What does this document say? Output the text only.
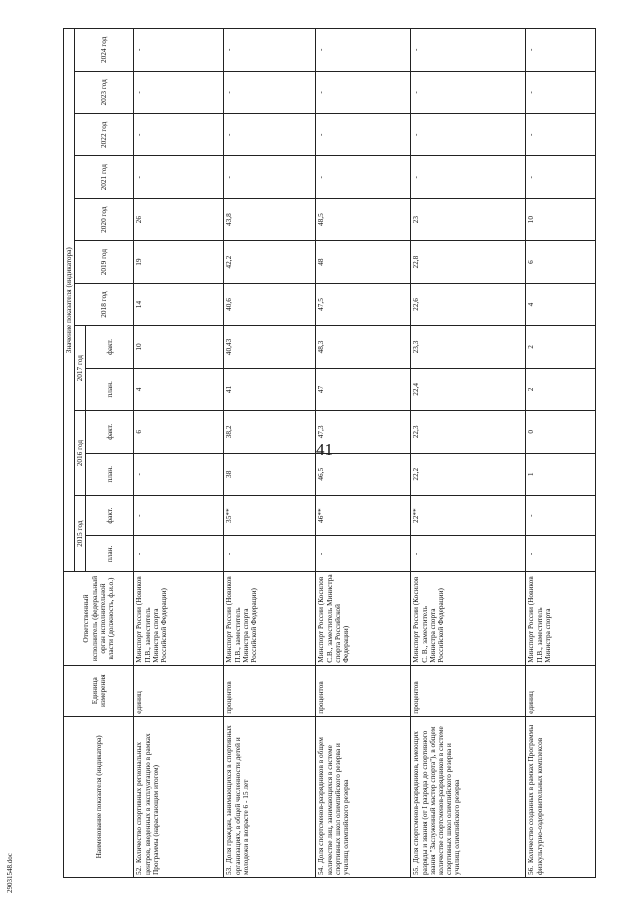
41
29031548.doc
Наименование показателя (индикатора)	Единица измерения	Ответственный исполнитель (федеральный орган исполнительной власти (должность, ф.и.о.)	Значение показателя (индикатора)												
			2015 год		2016 год		2017 год		2018 год	2019 год	2020 год	2021 год	2022 год	2023 год	2024 год
			план.	факт.	план.	факт.	план.	факт.							
52. Количество спортивных региональных центров, введенных в эксплуатацию в рамках Программы (нарастающим итогом)	единиц	Минспорт России (Новиков П.В., заместитель Министра спорта Российской Федерации)	-	-	-	6	4	10	14	19	26	-	-	-	-
53. Доля граждан, занимающихся в спортивных организациях, в общей численности детей и молодежи в возрасте 6 - 15 лет	процентов	Минспорт России (Новиков П.В., заместитель Министра спорта Российской Федерации)	-	35**	38	38,2	41	40,43	40,6	42,2	43,8	-	-	-	-
54. Доля спортсменов-разрядников в общем количестве лиц, занимающихся в системе спортивных школ олимпийского резерва и училищ олимпийского резерва	процентов	Минспорт России (Косилов С.В., заместитель Министра спорта Российской Федерации)	-	46**	46,5	47,3	47	48,3	47,5	48	48,5	-	-	-	-
55. Доля спортсменов-разрядников, имеющих разряды и звания (от I разряда до спортивного звания "Заслуженный мастер спорта"), в общем количестве спортсменов-разрядников в системе спортивных школ олимпийского резерва и училищ олимпийского резерва	процентов	Минспорт России (Косилов С. В., заместитель Министра спорта Российской Федерации)	-	22**	22,2	22,3	22,4	23,3	22,6	22,8	23	-	-	-	-
56. Количество созданных в рамках Программы физкультурно-оздоровительных комплексов	единиц	Минспорт России (Новиков П.В., заместитель Министра спорта	-	-	1	0	2	2	4	6	10	-	-	-	-
